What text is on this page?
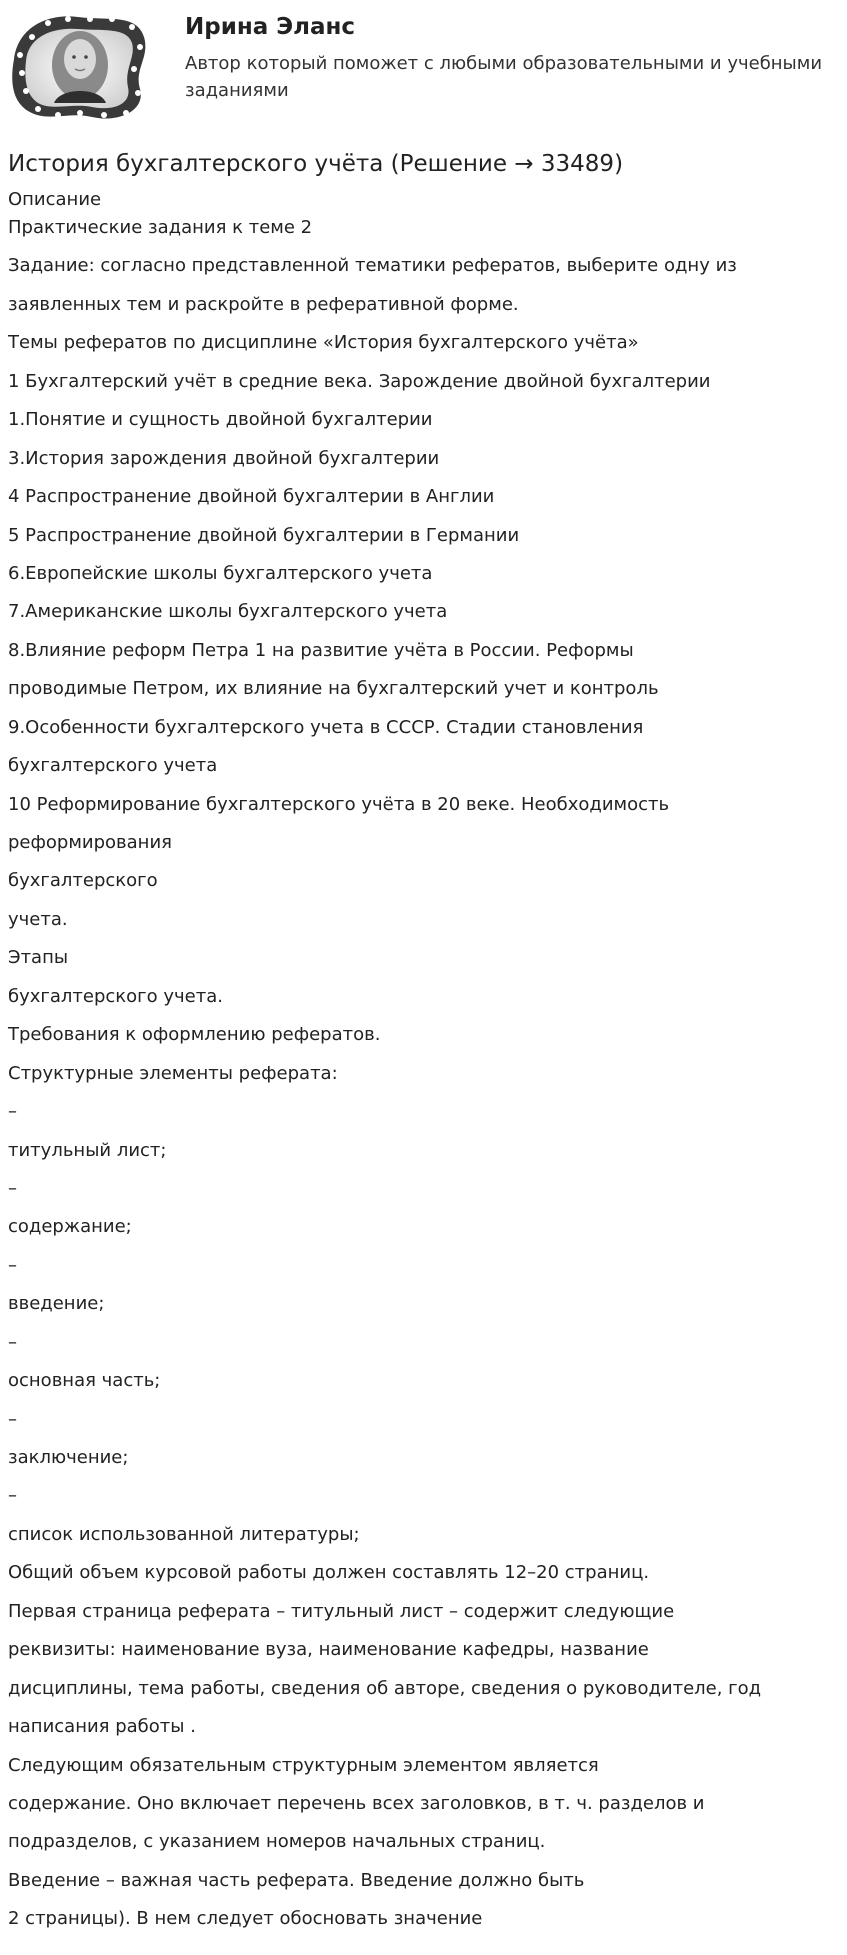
Ирина Эланс
Автор который поможет с любыми образовательными и учебными заданиями
История бухгалтерского учёта (Решение → 33489)
Описание
Практические задания к теме 2
Задание: согласно представленной тематики рефератов, выберите одну из
заявленных тем и раскройте в реферативной форме.
Темы рефератов по дисциплине «История бухгалтерского учёта»
1 Бухгалтерский учёт в средние века. Зарождение двойной бухгалтерии
1.Понятие и сущность двойной бухгалтерии
3.История зарождения двойной бухгалтерии
4 Распространение двойной бухгалтерии в Англии
5 Распространение двойной бухгалтерии в Германии
6.Европейские школы бухгалтерского учета
7.Американские школы бухгалтерского учета
8.Влияние реформ Петра 1 на развитие учёта в России. Реформы
проводимые Петром, их влияние на бухгалтерский учет и контроль
9.Особенности бухгалтерского учета в СССР. Стадии становления
бухгалтерского учета
10 Реформирование бухгалтерского учёта в 20 веке. Необходимость
реформирования
бухгалтерского
учета.
Этапы
бухгалтерского учета.
Требования к оформлению рефератов.
Структурные элементы реферата:
–
титульный лист;
–
содержание;
–
введение;
–
основная часть;
–
заключение;
–
список использованной литературы;
Общий объем курсовой работы должен составлять 12–20 страниц.
Первая страница реферата – титульный лист – содержит следующие
реквизиты: наименование вуза, наименование кафедры, название
дисциплины, тема работы, сведения об авторе, сведения о руководителе, год
написания работы .
Следующим обязательным структурным элементом является
содержание. Оно включает перечень всех заголовков, в т. ч. разделов и
подразделов, с указанием номеров начальных страниц.
Введение – важная часть реферата. Введение должно быть
2 страницы). В нем следует обосновать значение
